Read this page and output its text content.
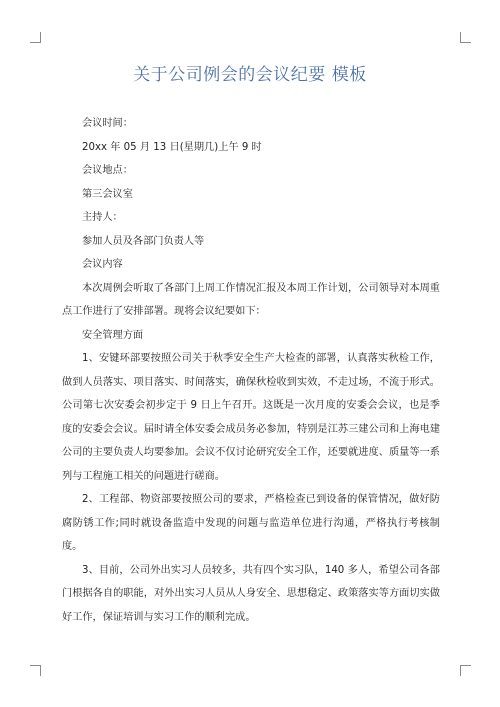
关于公司例会的会议纪要 模板

会议时间：

20xx 年 05 月 13 日(星期几)上午 9 时

会议地点：

第三会议室

主持人：

参加人员及各部门负责人等

会议内容

本次周例会听取了各部门上周工作情况汇报及本周工作计划，公司领导对本周重点工作进行了安排部署。现将会议纪要如下：

安全管理方面

1、安键环部要按照公司关于秋季安全生产大检查的部署，认真落实秋检工作，做到人员落实、项目落实、时间落实，确保秋检收到实效，不走过场，不流于形式。公司第七次安委会初步定于 9 日上午召开。这既是一次月度的安委会会议，也是季度的安委会会议。届时请全体安委会成员务必参加，特别是江苏三建公司和上海电建公司的主要负责人均要参加。会议不仅讨论研究安全工作，还要就进度、质量等一系列与工程施工相关的问题进行磋商。

2、工程部、物资部要按照公司的要求，严格检查已到设备的保管情况，做好防腐防锈工作;同时就设备监造中发现的问题与监造单位进行沟通，严格执行考核制度。

3、目前，公司外出实习人员较多，共有四个实习队，140 多人，希望公司各部门根据各自的职能，对外出实习人员从人身安全、思想稳定、政策落实等方面切实做好工作，保证培训与实习工作的顺利完成。
